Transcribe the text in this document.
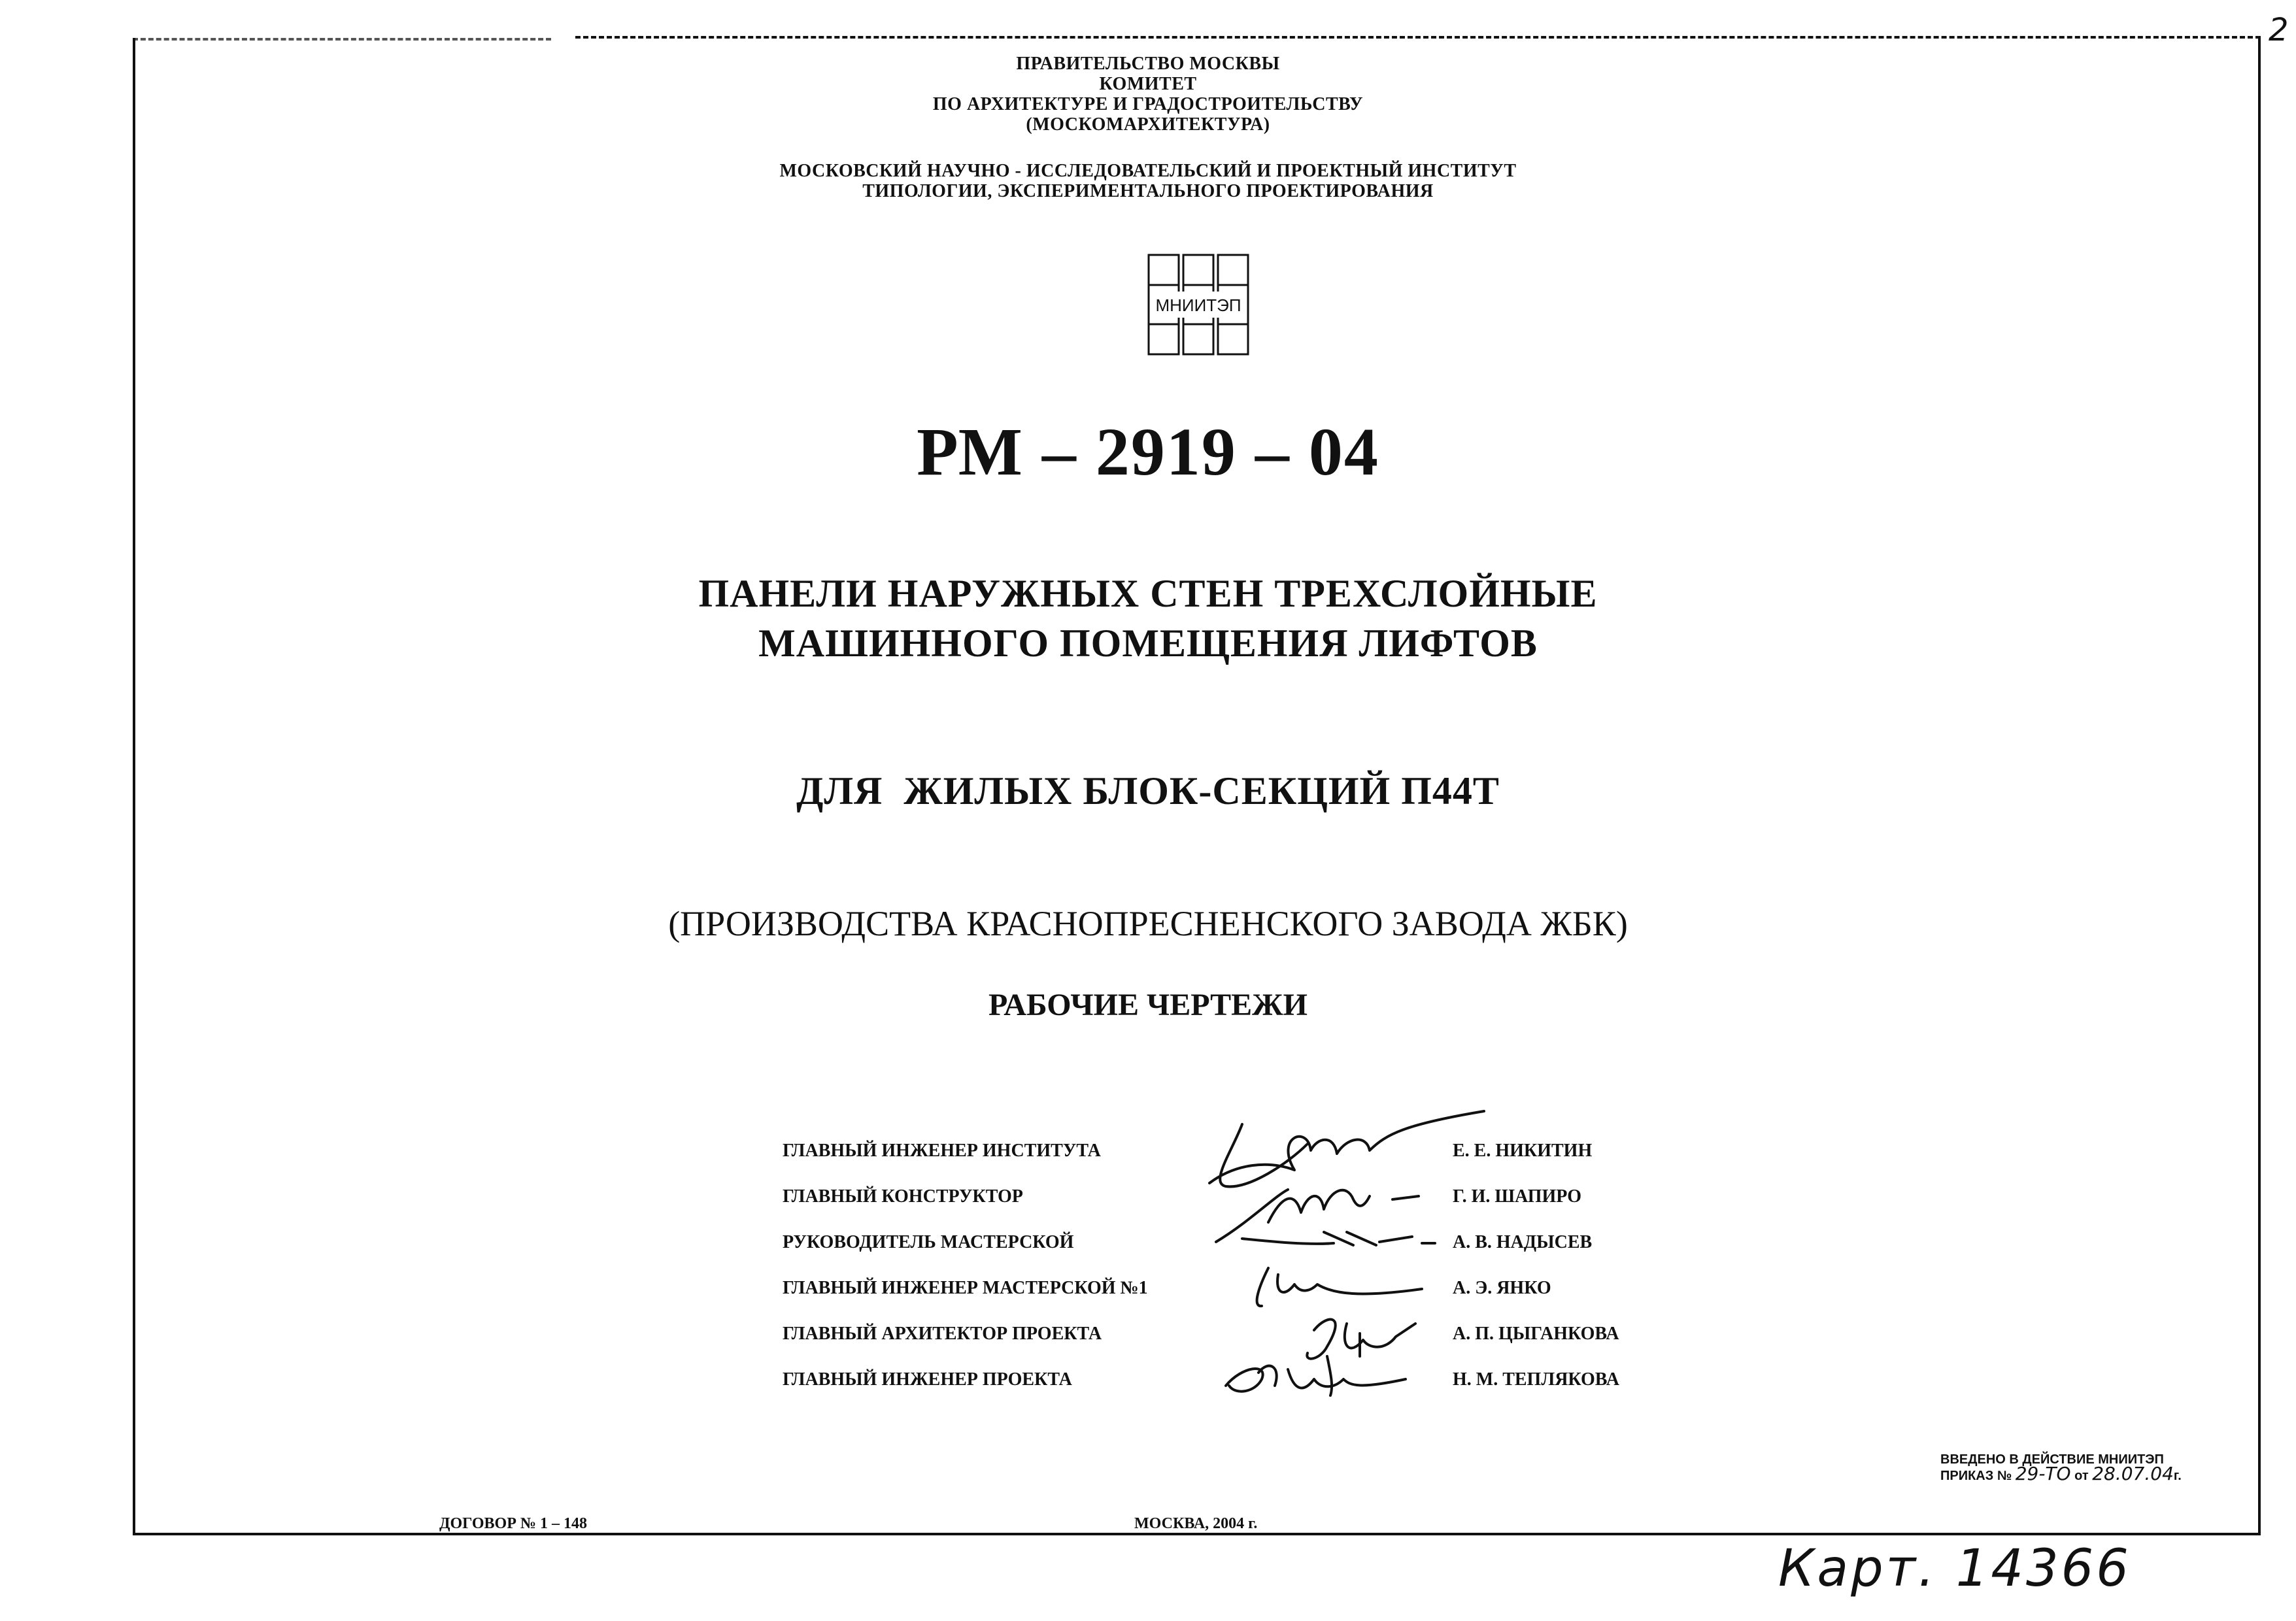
2
ПРАВИТЕЛЬСТВО МОСКВЫ
КОМИТЕТ
ПО АРХИТЕКТУРЕ И ГРАДОСТРОИТЕЛЬСТВУ
(МОСКОМАРХИТЕКТУРА)
МОСКОВСКИЙ НАУЧНО - ИССЛЕДОВАТЕЛЬСКИЙ И ПРОЕКТНЫЙ ИНСТИТУТ
ТИПОЛОГИИ, ЭКСПЕРИМЕНТАЛЬНОГО ПРОЕКТИРОВАНИЯ
МНИИТЭП
РМ – 2919 – 04
ПАНЕЛИ НАРУЖНЫХ СТЕН ТРЕХСЛОЙНЫЕ
МАШИННОГО ПОМЕЩЕНИЯ ЛИФТОВ
ДЛЯ  ЖИЛЫХ БЛОК-СЕКЦИЙ П44Т
(ПРОИЗВОДСТВА КРАСНОПРЕСНЕНСКОГО ЗАВОДА ЖБК)
РАБОЧИЕ ЧЕРТЕЖИ
ГЛАВНЫЙ ИНЖЕНЕР ИНСТИТУТА	Е. Е. НИКИТИН
ГЛАВНЫЙ КОНСТРУКТОР	Г. И. ШАПИРО
РУКОВОДИТЕЛЬ МАСТЕРСКОЙ	А. В. НАДЫСЕВ
ГЛАВНЫЙ ИНЖЕНЕР МАСТЕРСКОЙ №1	А. Э. ЯНКО
ГЛАВНЫЙ АРХИТЕКТОР ПРОЕКТА	А. П. ЦЫГАНКОВА
ГЛАВНЫЙ ИНЖЕНЕР ПРОЕКТА	Н. М. ТЕПЛЯКОВА
ВВЕДЕНО В ДЕЙСТВИЕ МНИИТЭП
ПРИКАЗ № 29-ТО от 28.07.04г.
ДОГОВОР № 1 – 148	МОСКВА, 2004 г.
Карт. 14366
